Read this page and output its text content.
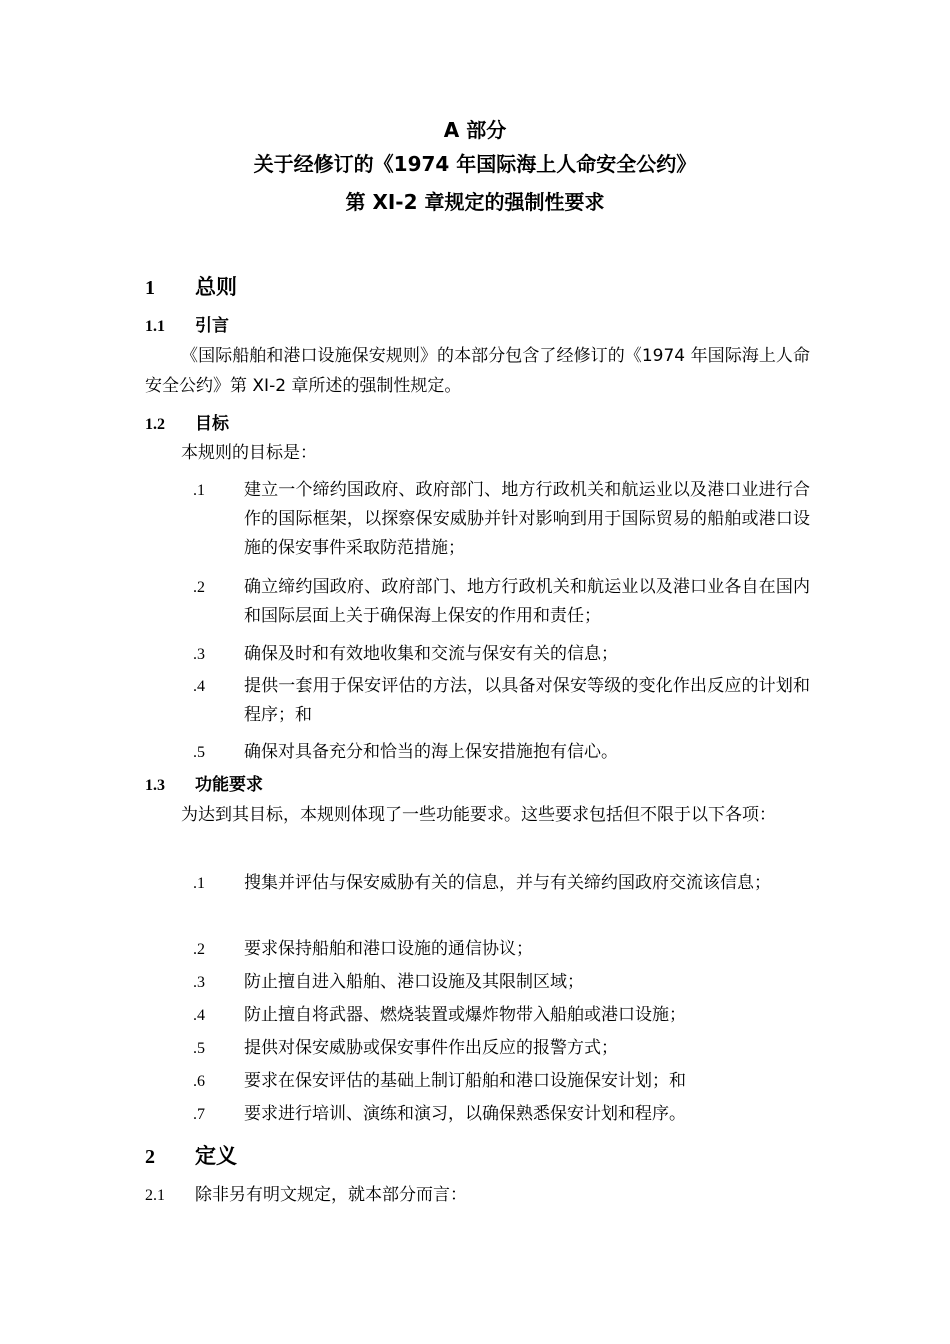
A 部分
关于经修订的《1974 年国际海上人命安全公约》
第 XI-2 章规定的强制性要求
1 总则
1.1 引言

《国际船舶和港口设施保安规则》的本部分包含了经修订的《1974 年国际海上人命安全公约》第 XI-2 章所述的强制性规定。

1.2 目标
本规则的目标是：
.1	建立一个缔约国政府、政府部门、地方行政机关和航运业以及港口业进行合作的国际框架，以探察保安威胁并针对影响到用于国际贸易的船舶或港口设施的保安事件采取防范措施；
.2	确立缔约国政府、政府部门、地方行政机关和航运业以及港口业各自在国内和国际层面上关于确保海上保安的作用和责任；
.3	确保及时和有效地收集和交流与保安有关的信息；
.4	提供一套用于保安评估的方法，以具备对保安等级的变化作出反应的计划和程序；和
.5	确保对具备充分和恰当的海上保安措施抱有信心。
1.3 功能要求

为达到其目标，本规则体现了一些功能要求。这些要求包括但不限于以下各项：

.1	搜集并评估与保安威胁有关的信息，并与有关缔约国政府交流该信息；
.2	要求保持船舶和港口设施的通信协议；
.3	防止擅自进入船舶、港口设施及其限制区域；
.4	防止擅自将武器、燃烧装置或爆炸物带入船舶或港口设施；
.5	提供对保安威胁或保安事件作出反应的报警方式；
.6	要求在保安评估的基础上制订船舶和港口设施保安计划；和
.7	要求进行培训、演练和演习，以确保熟悉保安计划和程序。
2 定义
2.1 除非另有明文规定，就本部分而言：
